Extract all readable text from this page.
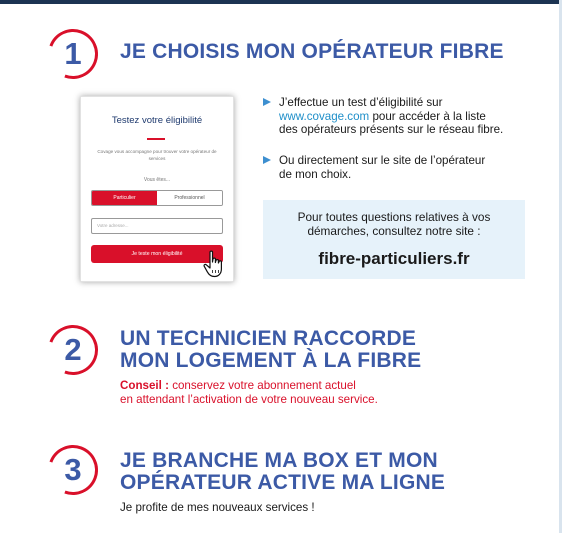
1	JE CHOISIS MON OPÉRATEUR FIBRE
Testez votre éligibilité
Covage vous accompagne pour trouver votre opérateur de services
Vous êtes...
Particulier	Professionnel
Votre adresse...
Je teste mon éligibilité
J’effectue un test d’éligibilité sur
www.covage.com pour accéder à la liste
des opérateurs présents sur le réseau fibre.
Ou directement sur le site de l’opérateur
de mon choix.
Pour toutes questions relatives à vos
démarches, consultez notre site :
fibre-particuliers.fr
2	UN TECHNICIEN RACCORDE
MON LOGEMENT À LA FIBRE
Conseil : conservez votre abonnement actuel
en attendant l’activation de votre nouveau service.
3	JE BRANCHE MA BOX ET MON
OPÉRATEUR ACTIVE MA LIGNE
Je profite de mes nouveaux services !
